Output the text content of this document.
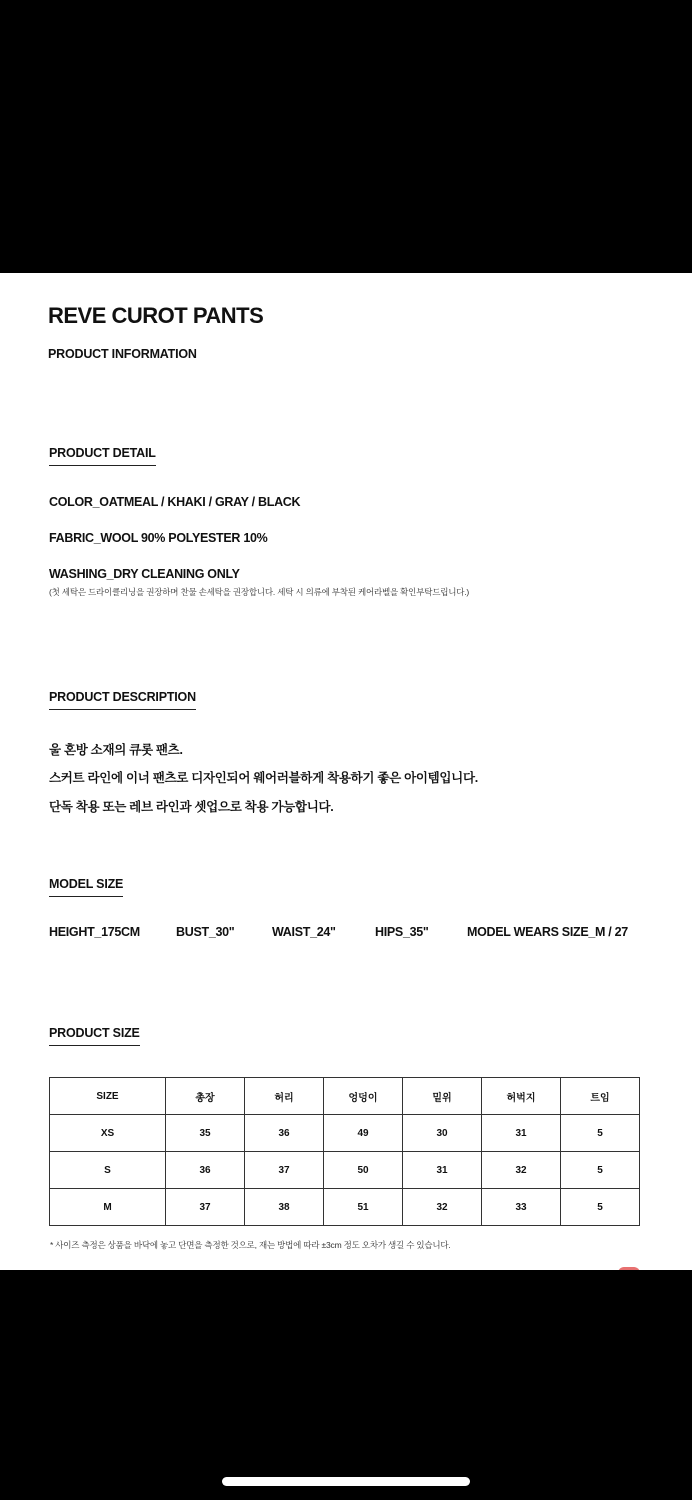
REVE CUROT PANTS
PRODUCT INFORMATION
PRODUCT DETAIL
COLOR_OATMEAL / KHAKI / GRAY / BLACK
FABRIC_WOOL 90% POLYESTER 10%
WASHING_DRY CLEANING ONLY
(첫 세탁은 드라이클리닝을 권장하며 찬물 손세탁을 권장합니다. 세탁 시 의류에 부착된 케어라벨을 확인부탁드립니다.)
PRODUCT DESCRIPTION
울 혼방 소재의 큐롯 팬츠.
스커트 라인에 이너 팬츠로 디자인되어 웨어러블하게 착용하기 좋은 아이템입니다.
단독 착용 또는 레브 라인과 셋업으로 착용 가능합니다.
MODEL SIZE
HEIGHT_175CM	BUST_30"	WAIST_24"	HIPS_35"	MODEL WEARS SIZE_M / 27
PRODUCT SIZE
SIZE	총장	허리	엉덩이	밑위	허벅지	트임
XS	35	36	49	30	31	5
S	36	37	50	31	32	5
M	37	38	51	32	33	5
* 사이즈 측정은 상품을 바닥에 놓고 단면을 측정한 것으로, 재는 방법에 따라 ±3cm 정도 오차가 생길 수 있습니다.
